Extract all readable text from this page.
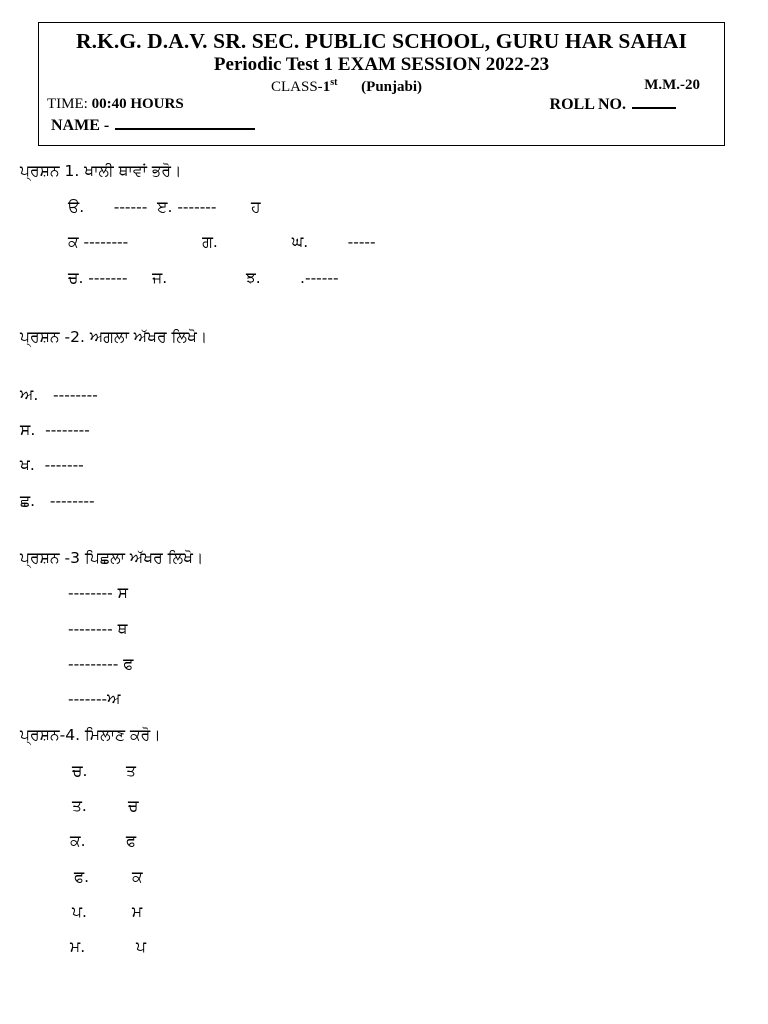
R.K.G. D.A.V. SR. SEC. PUBLIC SCHOOL, GURU HAR SAHAI
Periodic Test 1 EXAM SESSION 2022-23
CLASS-1st (Punjabi)	M.M.-20
TIME: 00:40 HOURS	ROLL NO.
NAME -
ਪ੍ਰਸ਼ਨ 1. ਖਾਲੀ ਥਾਵਾਂ ਭਰੋ।
ੳ.      ------  ੲ. -------       ਹ
ਕ --------               ਗ.               ਘ.        -----
ਚ. -------     ਜ.                ਝ.        .------
ਪ੍ਰਸ਼ਨ -2. ਅਗਲਾ ਅੱਖਰ ਲਿਖੋ।
ਅ.   --------
ਸ.  --------
ਖ.  -------
ਛ.   --------
ਪ੍ਰਸ਼ਨ -3 ਪਿਛਲਾ ਅੱਖਰ ਲਿਖੋ।
-------- ਸ
-------- ਥ
--------- ਫ
-------ਅ
ਪ੍ਰਸ਼ਨ-4. ਮਿਲਾਣ ਕਰੋ।
ਚ. ਤ
ਤ.	ਚ
ਕ.	ਫ
ਫ.	ਕ
ਪ.	ਮ
ਮ.	ਪ
